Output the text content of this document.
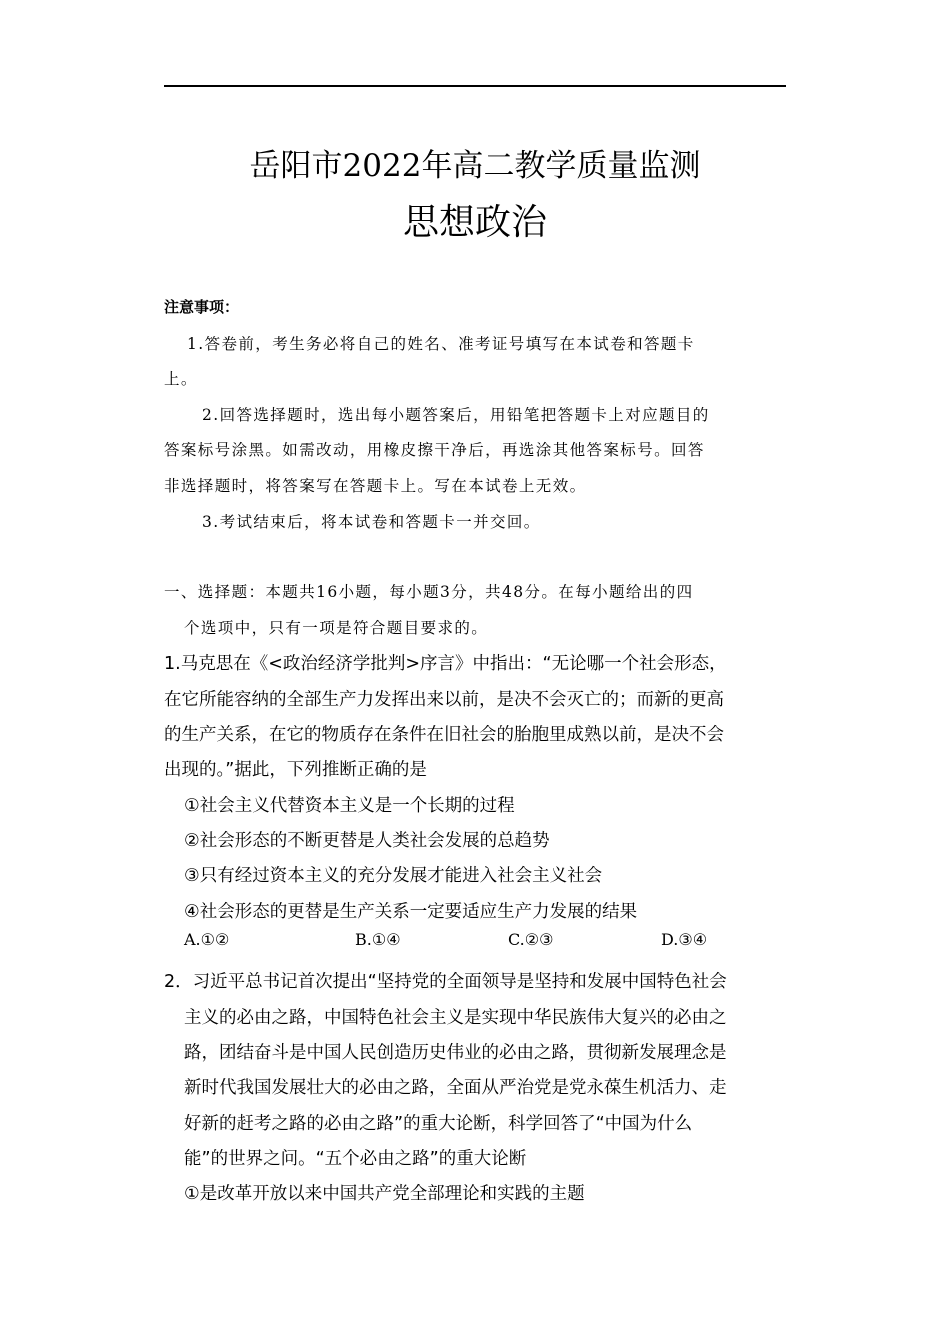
岳阳市2022年高二教学质量监测
思想政治
注意事项：
1.答卷前，考生务必将自己的姓名、准考证号填写在本试卷和答题卡
上。
2.回答选择题时，选出每小题答案后，用铅笔把答题卡上对应题目的
答案标号涂黑。如需改动，用橡皮擦干净后，再选涂其他答案标号。回答
非选择题时，将答案写在答题卡上。写在本试卷上无效。
3.考试结束后，将本试卷和答题卡一并交回。
一、选择题：本题共16小题，每小题3分，共48分。在每小题给出的四
个选项中，只有一项是符合题目要求的。
1.马克思在《<政治经济学批判>序言》中指出：“无论哪一个社会形态，
在它所能容纳的全部生产力发挥出来以前，是决不会灭亡的；而新的更高
的生产关系，在它的物质存在条件在旧社会的胎胞里成熟以前，是决不会
出现的。”据此，下列推断正确的是
①社会主义代替资本主义是一个长期的过程
②社会形态的不断更替是人类社会发展的总趋势
③只有经过资本主义的充分发展才能进入社会主义社会
④社会形态的更替是生产关系一定要适应生产力发展的结果
A.①②	B.①④	C.②③	D.③④
2．习近平总书记首次提出“坚持党的全面领导是坚持和发展中国特色社会
主义的必由之路，中国特色社会主义是实现中华民族伟大复兴的必由之
路，团结奋斗是中国人民创造历史伟业的必由之路，贯彻新发展理念是
新时代我国发展壮大的必由之路，全面从严治党是党永葆生机活力、走
好新的赶考之路的必由之路”的重大论断，科学回答了“中国为什么
能”的世界之问。“五个必由之路”的重大论断
①是改革开放以来中国共产党全部理论和实践的主题
